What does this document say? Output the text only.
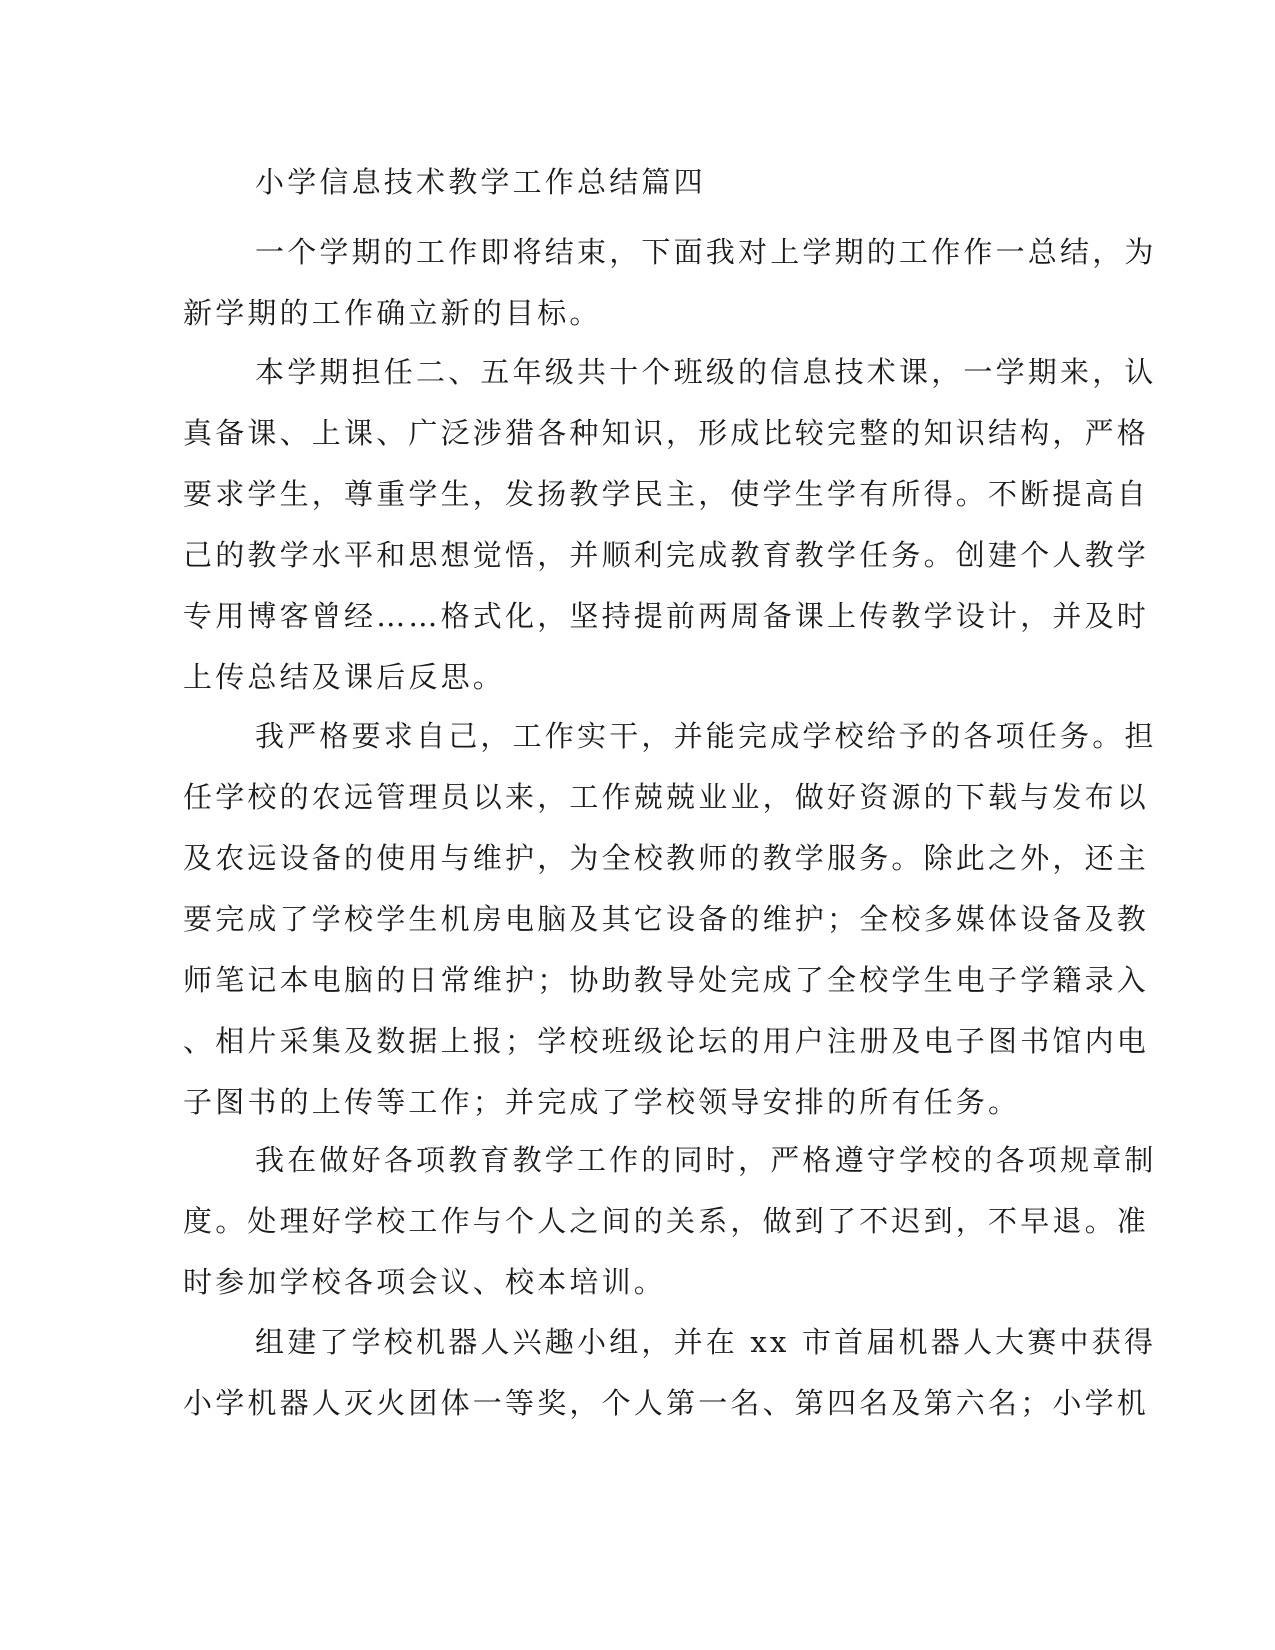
小学信息技术教学工作总结篇四
一个学期的工作即将结束，下面我对上学期的工作作一总结，为
新学期的工作确立新的目标。
本学期担任二、五年级共十个班级的信息技术课，一学期来，认
真备课、上课、广泛涉猎各种知识，形成比较完整的知识结构，严格
要求学生，尊重学生，发扬教学民主，使学生学有所得。不断提高自
己的教学水平和思想觉悟，并顺利完成教育教学任务。创建个人教学
专用博客曾经……格式化，坚持提前两周备课上传教学设计，并及时
上传总结及课后反思。
我严格要求自己，工作实干，并能完成学校给予的各项任务。担
任学校的农远管理员以来，工作兢兢业业，做好资源的下载与发布以
及农远设备的使用与维护，为全校教师的教学服务。除此之外，还主
要完成了学校学生机房电脑及其它设备的维护；全校多媒体设备及教
师笔记本电脑的日常维护；协助教导处完成了全校学生电子学籍录入
、相片采集及数据上报；学校班级论坛的用户注册及电子图书馆内电
子图书的上传等工作；并完成了学校领导安排的所有任务。
我在做好各项教育教学工作的同时，严格遵守学校的各项规章制
度。处理好学校工作与个人之间的关系，做到了不迟到，不早退。准
时参加学校各项会议、校本培训。
组建了学校机器人兴趣小组，并在 xx 市首届机器人大赛中获得
小学机器人灭火团体一等奖，个人第一名、第四名及第六名；小学机
